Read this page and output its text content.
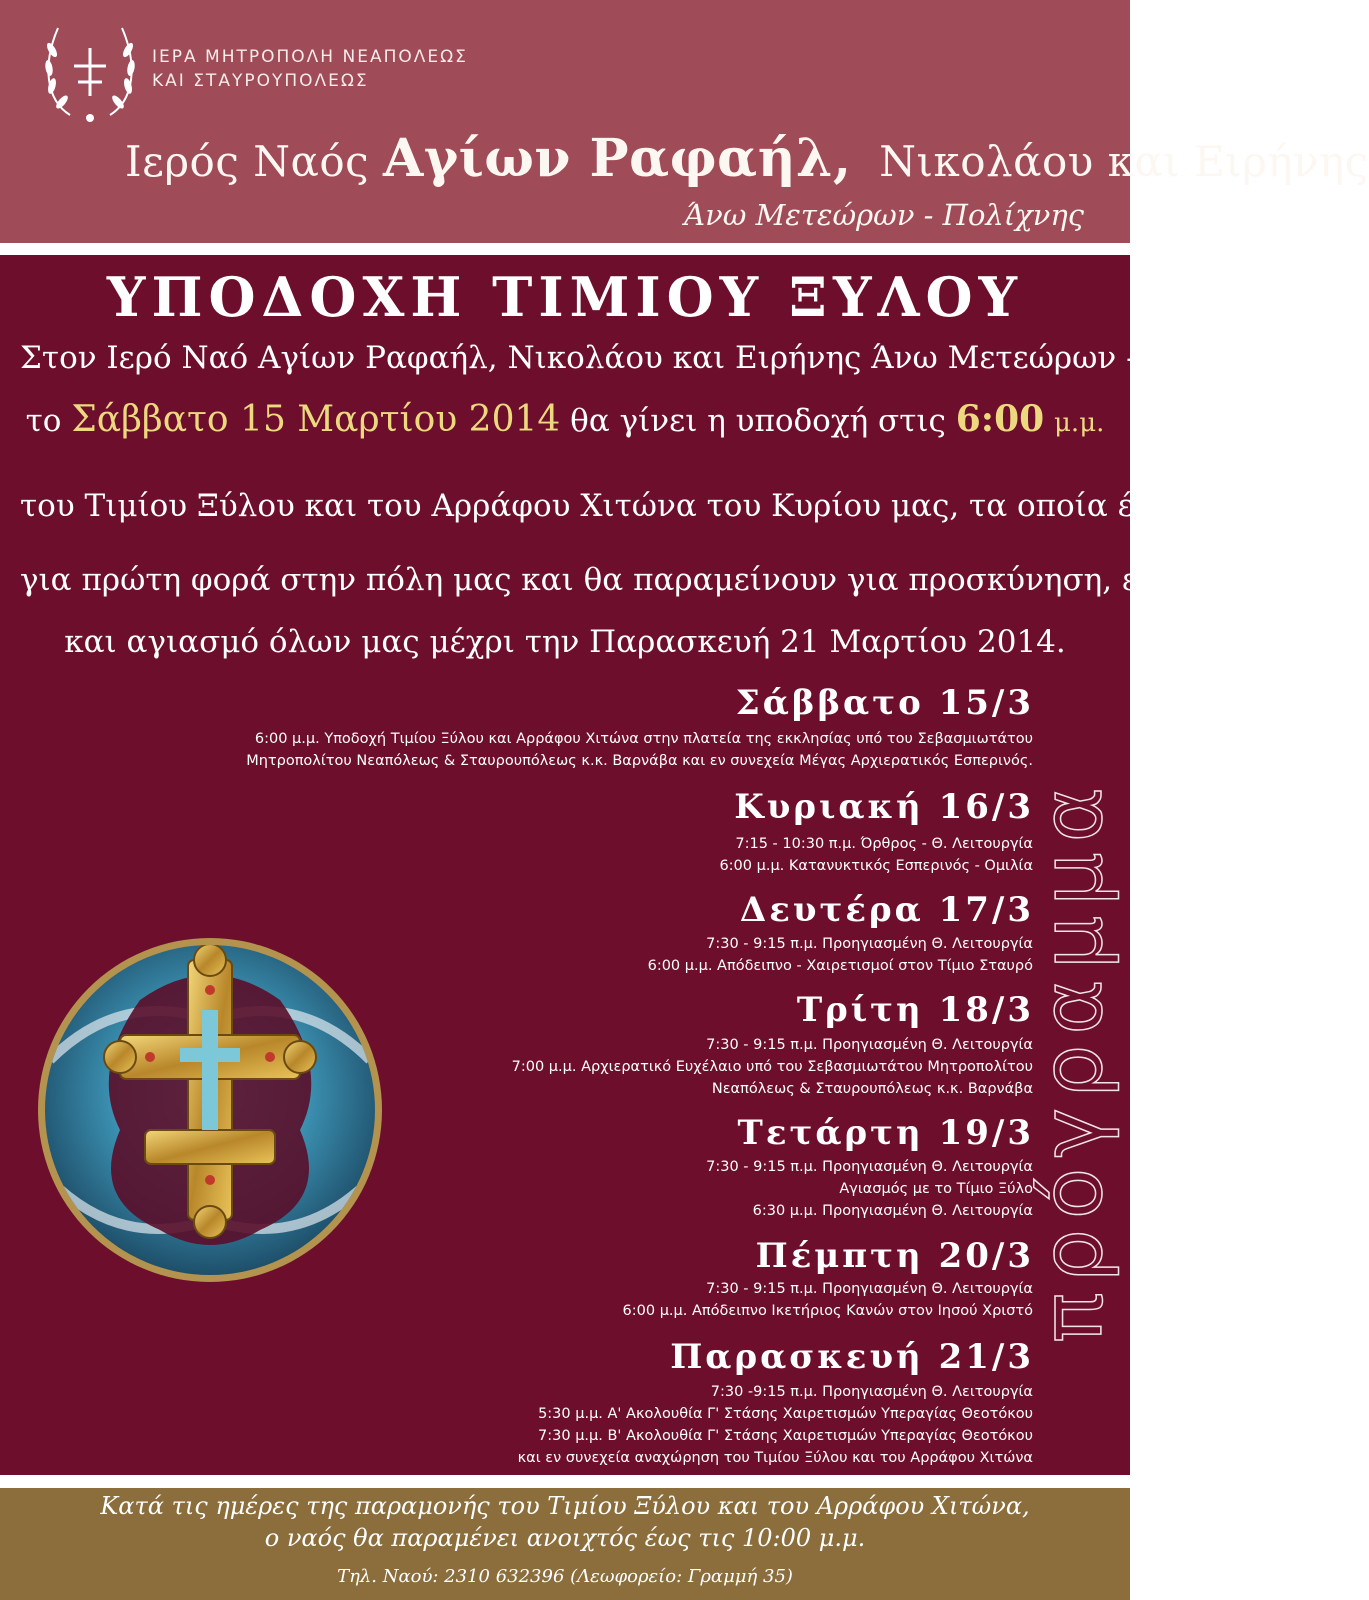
ΙΕΡΑ ΜΗΤΡΟΠΟΛΗ ΝΕΑΠΟΛΕΩΣ
ΚΑΙ ΣΤΑΥΡΟΥΠΟΛΕΩΣ
Ιερός Ναός Αγίων Ραφαήλ, Νικολάου και Ειρήνης
Άνω Μετεώρων - Πολίχνης
ΥΠΟΔΟΧΗ ΤΙΜΙΟΥ ΞΥΛΟΥ
Στον Ιερό Ναό Αγίων Ραφαήλ, Νικολάου και Ειρήνης Άνω Μετεώρων - Πολίχνης
το Σάββατο 15 Μαρτίου 2014 θα γίνει η υποδοχή στις 6:00 μ.μ.
του Τιμίου Ξύλου και του Αρράφου Χιτώνα του Κυρίου μας, τα οποία έρχονται
για πρώτη φορά στην πόλη μας και θα παραμείνουν για προσκύνηση, ευλογία
και αγιασμό όλων μας μέχρι την Παρασκευή 21 Μαρτίου 2014.
Σάββατο 15/3
6:00 μ.μ. Υποδοχή Τιμίου Ξύλου και Αρράφου Χιτώνα στην πλατεία της εκκλησίας υπό του Σεβασμιωτάτου
Μητροπολίτου Νεαπόλεως & Σταυρουπόλεως κ.κ. Βαρνάβα και εν συνεχεία Μέγας Αρχιερατικός Εσπερινός.
Κυριακή 16/3
7:15 - 10:30 π.μ. Όρθρος - Θ. Λειτουργία
6:00 μ.μ. Κατανυκτικός Εσπερινός - Ομιλία
Δευτέρα 17/3
7:30 - 9:15 π.μ. Προηγιασμένη Θ. Λειτουργία
6:00 μ.μ. Απόδειπνο - Χαιρετισμοί στον Τίμιο Σταυρό
Τρίτη 18/3
7:30 - 9:15 π.μ. Προηγιασμένη Θ. Λειτουργία
7:00 μ.μ. Αρχιερατικό Ευχέλαιο υπό του Σεβασμιωτάτου Μητροπολίτου
Νεαπόλεως & Σταυρουπόλεως κ.κ. Βαρνάβα
Τετάρτη 19/3
7:30 - 9:15 π.μ. Προηγιασμένη Θ. Λειτουργία
Αγιασμός με το Τίμιο Ξύλο
6:30 μ.μ. Προηγιασμένη Θ. Λειτουργία
Πέμπτη 20/3
7:30 - 9:15 π.μ. Προηγιασμένη Θ. Λειτουργία
6:00 μ.μ. Απόδειπνο Ικετήριος Κανών στον Ιησού Χριστό
Παρασκευή 21/3
7:30 -9:15 π.μ. Προηγιασμένη Θ. Λειτουργία
5:30 μ.μ. Α' Ακολουθία Γ' Στάσης Χαιρετισμών Υπεραγίας Θεοτόκου
7:30 μ.μ. Β' Ακολουθία Γ' Στάσης Χαιρετισμών Υπεραγίας Θεοτόκου
και εν συνεχεία αναχώρηση του Τιμίου Ξύλου και του Αρράφου Χιτώνα
πρόγραμμα
Κατά τις ημέρες της παραμονής του Τιμίου Ξύλου και του Αρράφου Χιτώνα,
ο ναός θα παραμένει ανοιχτός έως τις 10:00 μ.μ.
Τηλ. Ναού: 2310 632396 (Λεωφορείο: Γραμμή 35)
